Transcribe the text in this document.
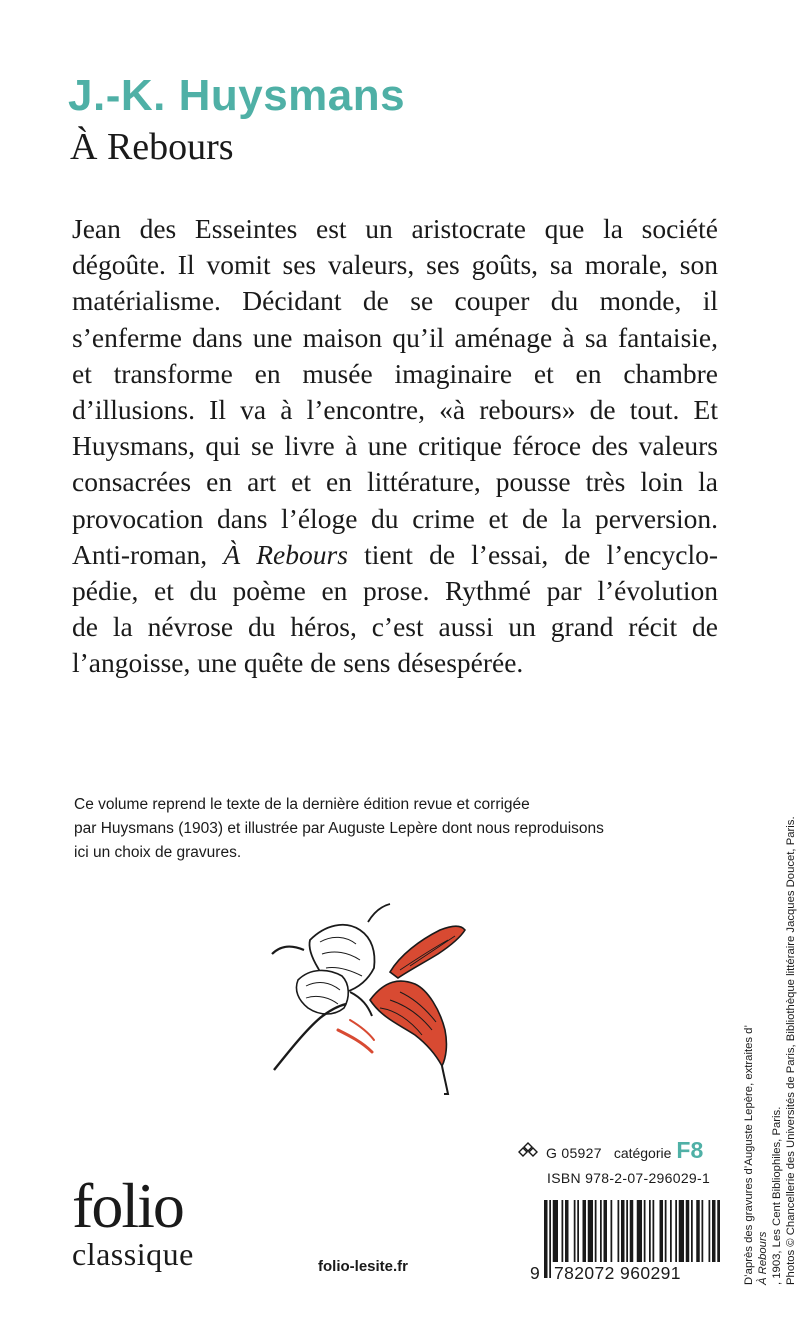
J.-K. Huysmans
À Rebours
Jean des Esseintes est un aristocrate que la société
dégoûte. Il vomit ses valeurs, ses goûts, sa morale, son
matérialisme. Décidant de se couper du monde, il
s’enferme dans une maison qu’il aménage à sa fantaisie,
et transforme en musée imaginaire et en chambre
d’illusions. Il va à l’encontre, «à rebours» de tout. Et
Huysmans, qui se livre à une critique féroce des valeurs
consacrées en art et en littérature, pousse très loin la
provocation dans l’éloge du crime et de la perversion.
Anti-roman, À Rebours tient de l’essai, de l’encyclo-
pédie, et du poème en prose. Rythmé par l’évolution
de la névrose du héros, c’est aussi un grand récit de
l’angoisse, une quête de sens désespérée.
Ce volume reprend le texte de la dernière édition revue et corrigée
par Huysmans (1903) et illustrée par Auguste Lepère dont nous reproduisons
ici un choix de gravures.
G 05927 catégorie F8
ISBN 978-2-07-296029-1
9 782072 960291
folio
classique	folio-lesite.fr	D’après des gravures d’Auguste Lepère, extraites d’ À Rebours , 1903, Les Cent Bibliophiles, Paris. Photos © Chancellerie des Universités de Paris, Bibliothèque littéraire Jacques Doucet, Paris.
